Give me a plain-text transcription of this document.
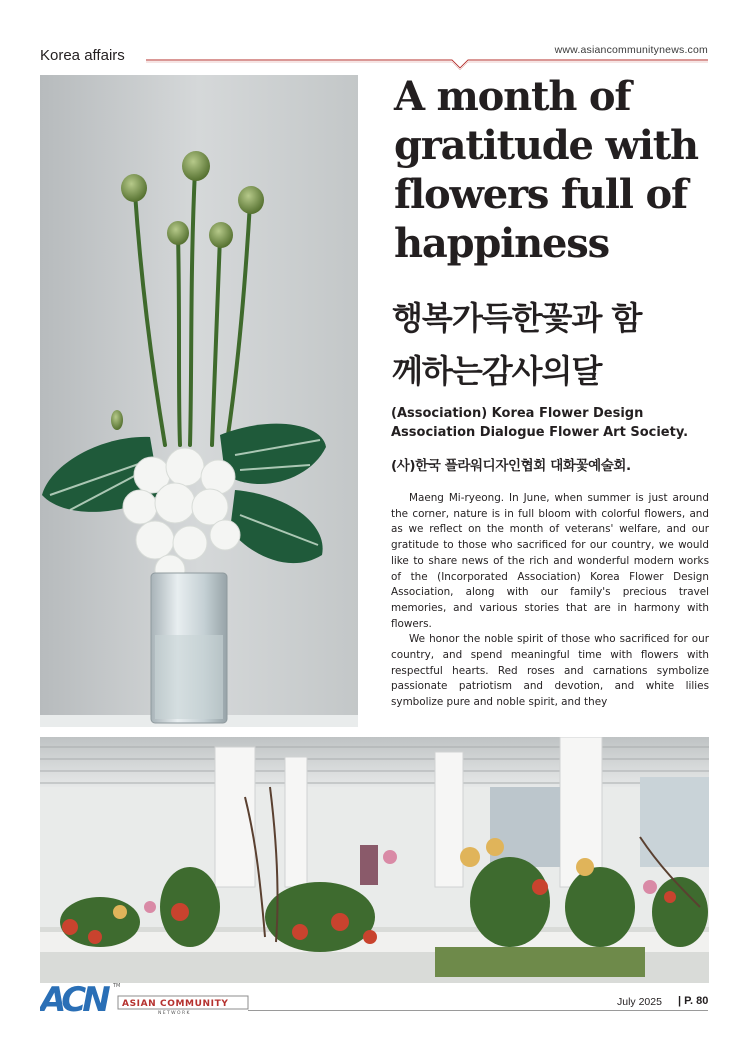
Korea affairs	www.asiancommunitynews.com
A month of
gratitude with
flowers full of
happiness
행복가득한꽃과 함
께하는감사의달
(Association) Korea Flower Design
Association Dialogue Flower Art Society.
(사)한국 플라워디자인협회 대화꽃예술회.

Maeng Mi-ryeong. In June, when summer is just around the corner, nature is in full bloom with colorful flowers, and as we reflect on the month of veterans' welfare, and our gratitude to those who sacrificed for our country, we would like to share news of the rich and wonderful modern works of the (Incorporated Association) Korea Flower Design Association, along with our family's precious travel memories, and various stories that are in harmony with flowers.

We honor the noble spirit of those who sacrificed for our country, and spend meaningful time with flowers with respectful hearts. Red roses and carnations symbolize passionate patriotism and devotion, and white lilies symbolize pure and noble spirit, and they

ACN	TM
ASIAN COMMUNITY
NETWORK
July 2025 | P. 80
